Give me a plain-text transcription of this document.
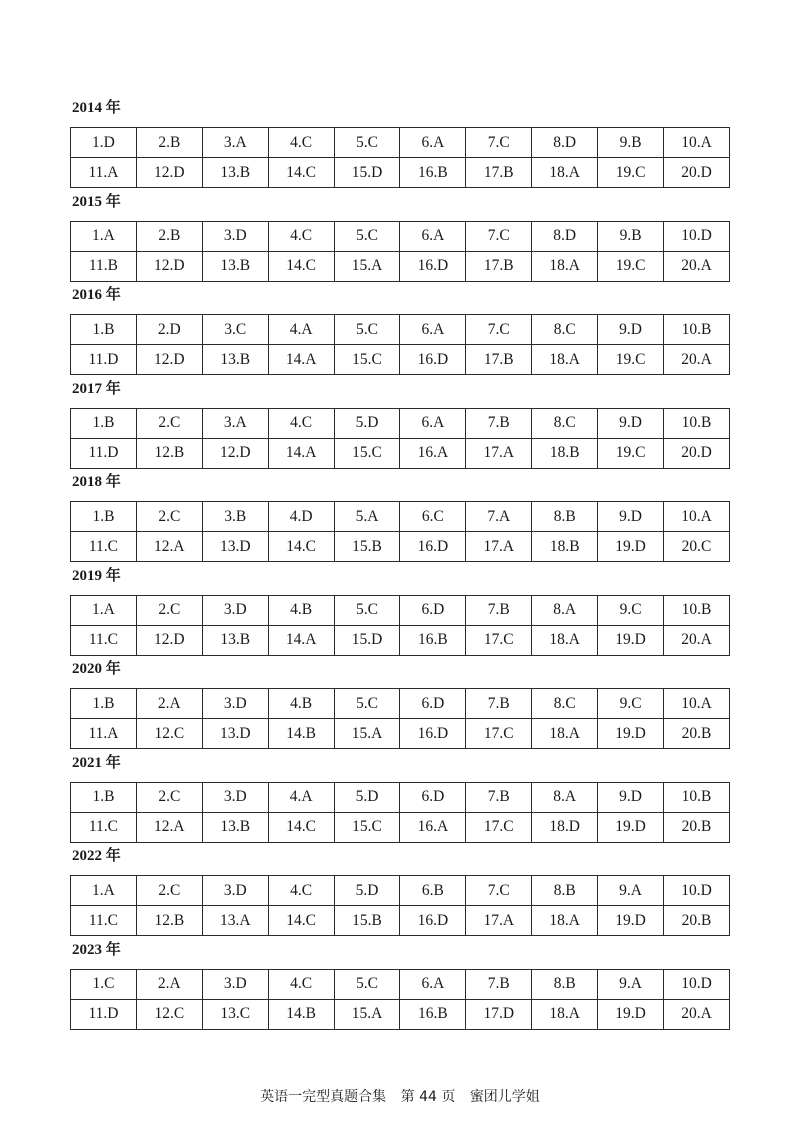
2014 年
1.D	2.B	3.A	4.C	5.C	6.A	7.C	8.D	9.B	10.A
11.A	12.D	13.B	14.C	15.D	16.B	17.B	18.A	19.C	20.D
2015 年
1.A	2.B	3.D	4.C	5.C	6.A	7.C	8.D	9.B	10.D
11.B	12.D	13.B	14.C	15.A	16.D	17.B	18.A	19.C	20.A
2016 年
1.B	2.D	3.C	4.A	5.C	6.A	7.C	8.C	9.D	10.B
11.D	12.D	13.B	14.A	15.C	16.D	17.B	18.A	19.C	20.A
2017 年
1.B	2.C	3.A	4.C	5.D	6.A	7.B	8.C	9.D	10.B
11.D	12.B	12.D	14.A	15.C	16.A	17.A	18.B	19.C	20.D
2018 年
1.B	2.C	3.B	4.D	5.A	6.C	7.A	8.B	9.D	10.A
11.C	12.A	13.D	14.C	15.B	16.D	17.A	18.B	19.D	20.C
2019 年
1.A	2.C	3.D	4.B	5.C	6.D	7.B	8.A	9.C	10.B
11.C	12.D	13.B	14.A	15.D	16.B	17.C	18.A	19.D	20.A
2020 年
1.B	2.A	3.D	4.B	5.C	6.D	7.B	8.C	9.C	10.A
11.A	12.C	13.D	14.B	15.A	16.D	17.C	18.A	19.D	20.B
2021 年
1.B	2.C	3.D	4.A	5.D	6.D	7.B	8.A	9.D	10.B
11.C	12.A	13.B	14.C	15.C	16.A	17.C	18.D	19.D	20.B
2022 年
1.A	2.C	3.D	4.C	5.D	6.B	7.C	8.B	9.A	10.D
11.C	12.B	13.A	14.C	15.B	16.D	17.A	18.A	19.D	20.B
2023 年
1.C	2.A	3.D	4.C	5.C	6.A	7.B	8.B	9.A	10.D
11.D	12.C	13.C	14.B	15.A	16.B	17.D	18.A	19.D	20.A
英语一完型真题合集 第 44 页 蜜团儿学姐
